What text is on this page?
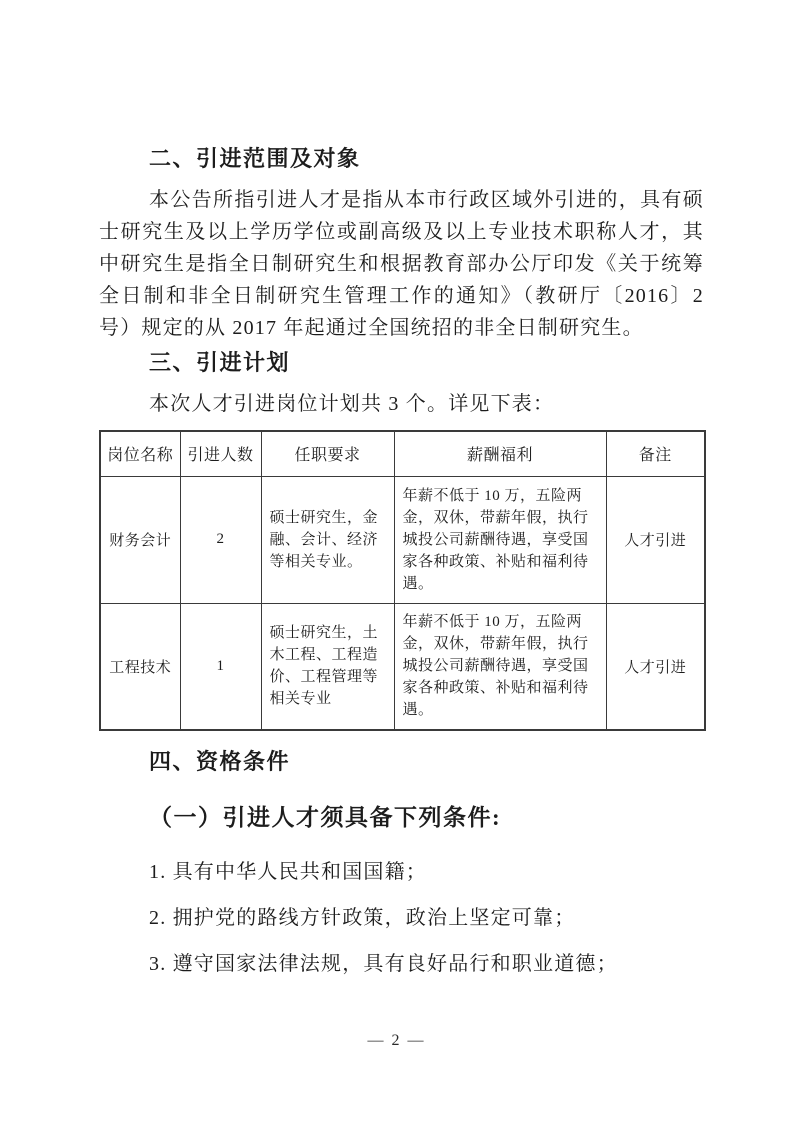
二、引进范围及对象

本公告所指引进人才是指从本市行政区域外引进的，具有硕士研究生及以上学历学位或副高级及以上专业技术职称人才，其中研究生是指全日制研究生和根据教育部办公厅印发《关于统筹全日制和非全日制研究生管理工作的通知》（教研厅〔2016〕2 号）规定的从 2017 年起通过全国统招的非全日制研究生。

三、引进计划

本次人才引进岗位计划共 3 个。详见下表：

岗位名称	引进人数	任职要求	薪酬福利	备注
财务会计	2	硕士研究生，金融、会计、经济等相关专业。	年薪不低于 10 万，五险两金，双休，带薪年假，执行城投公司薪酬待遇，享受国家各种政策、补贴和福利待遇。	人才引进
工程技术	1	硕士研究生，土木工程、工程造价、工程管理等相关专业	年薪不低于 10 万，五险两金，双休，带薪年假，执行城投公司薪酬待遇，享受国家各种政策、补贴和福利待遇。	人才引进
四、资格条件

（一）引进人才须具备下列条件:

1. 具有中华人民共和国国籍；

2. 拥护党的路线方针政策，政治上坚定可靠；

3. 遵守国家法律法规，具有良好品行和职业道德；

— 2 —
